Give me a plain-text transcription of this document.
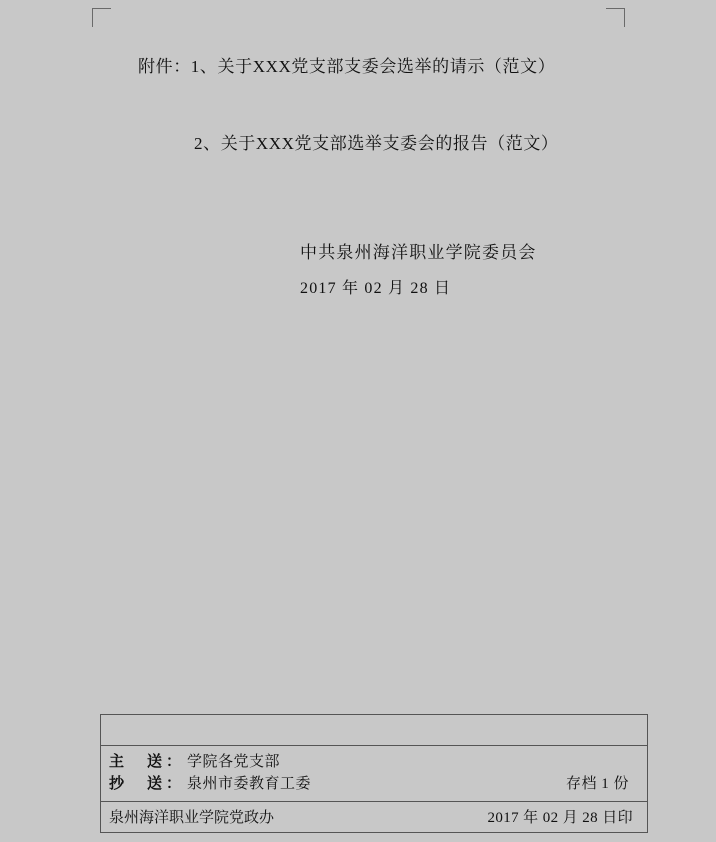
附件：1、关于XXX党支部支委会选举的请示（范文）
2、关于XXX党支部选举支委会的报告（范文）
中共泉州海洋职业学院委员会
2017 年 02 月 28 日
主　送： 学院各党支部
抄　送： 泉州市委教育工委	存档 1 份
泉州海洋职业学院党政办	2017 年 02 月 28 日印
